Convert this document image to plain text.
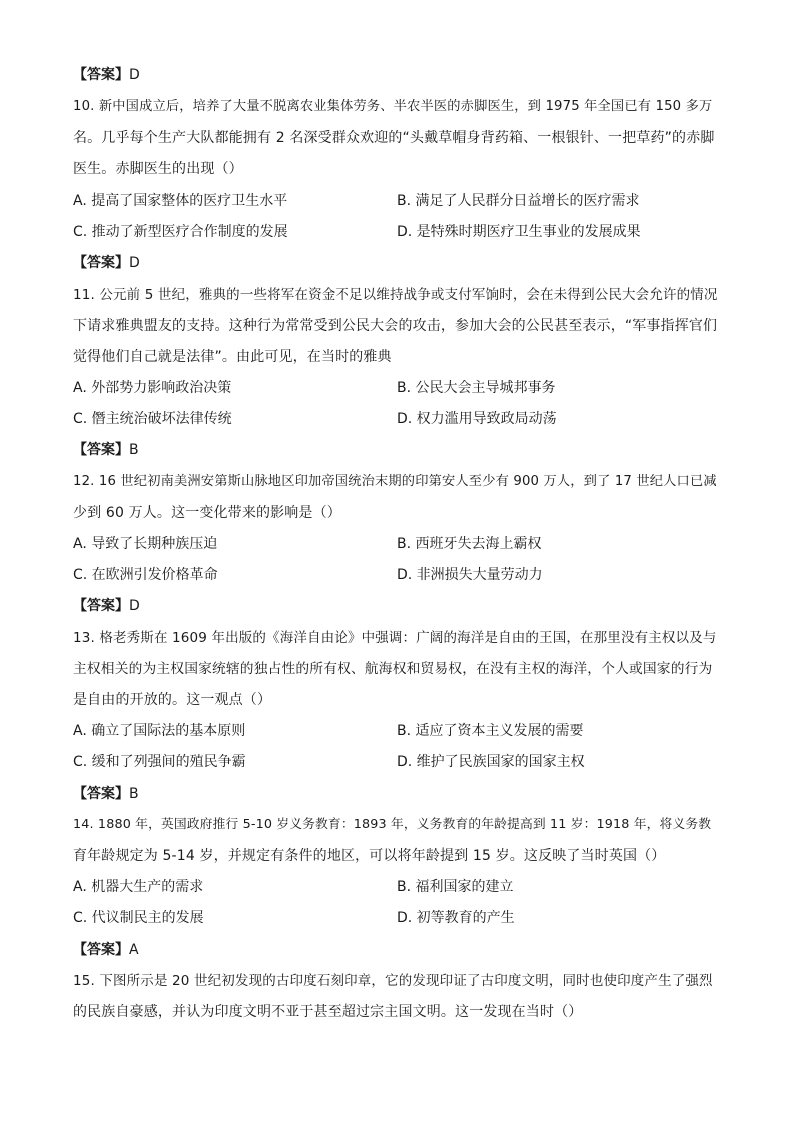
【答案】D
10. 新中国成立后，培养了大量不脱离农业集体劳务、半农半医的赤脚医生，到 1975 年全国已有 150 多万
名。几乎每个生产大队都能拥有 2 名深受群众欢迎的“头戴草帽身背药箱、一根银针、一把草药”的赤脚
医生。赤脚医生的出现（）
A. 提高了国家整体的医疗卫生水平	B. 满足了人民群分日益增长的医疗需求
C. 推动了新型医疗合作制度的发展	D. 是特殊时期医疗卫生事业的发展成果
【答案】D
11. 公元前 5 世纪，雅典的一些将军在资金不足以维持战争或支付军饷时，会在未得到公民大会允许的情况
下请求雅典盟友的支持。这种行为常常受到公民大会的攻击，参加大会的公民甚至表示，“军事指挥官们
觉得他们自己就是法律”。由此可见，在当时的雅典
A. 外部势力影响政治决策	B. 公民大会主导城邦事务
C. 僭主统治破坏法律传统	D. 权力滥用导致政局动荡
【答案】B
12. 16 世纪初南美洲安第斯山脉地区印加帝国统治末期的印第安人至少有 900 万人，到了 17 世纪人口已减
少到 60 万人。这一变化带来的影响是（）
A. 导致了长期种族压迫	B. 西班牙失去海上霸权
C. 在欧洲引发价格革命	D. 非洲损失大量劳动力
【答案】D
13. 格老秀斯在 1609 年出版的《海洋自由论》中强调：广阔的海洋是自由的王国，在那里没有主权以及与
主权相关的为主权国家统辖的独占性的所有权、航海权和贸易权，在没有主权的海洋，个人或国家的行为
是自由的开放的。这一观点（）
A. 确立了国际法的基本原则	B. 适应了资本主义发展的需要
C. 缓和了列强间的殖民争霸	D. 维护了民族国家的国家主权
【答案】B
14. 1880 年，英国政府推行 5-10 岁义务教育：1893 年，义务教育的年龄提高到 11 岁：1918 年，将义务教
育年龄规定为 5-14 岁，并规定有条件的地区，可以将年龄提到 15 岁。这反映了当时英国（）
A. 机器大生产的需求	B. 福利国家的建立
C. 代议制民主的发展	D. 初等教育的产生
【答案】A
15. 下图所示是 20 世纪初发现的古印度石刻印章，它的发现印证了古印度文明，同时也使印度产生了强烈
的民族自豪感，并认为印度文明不亚于甚至超过宗主国文明。这一发现在当时（）
